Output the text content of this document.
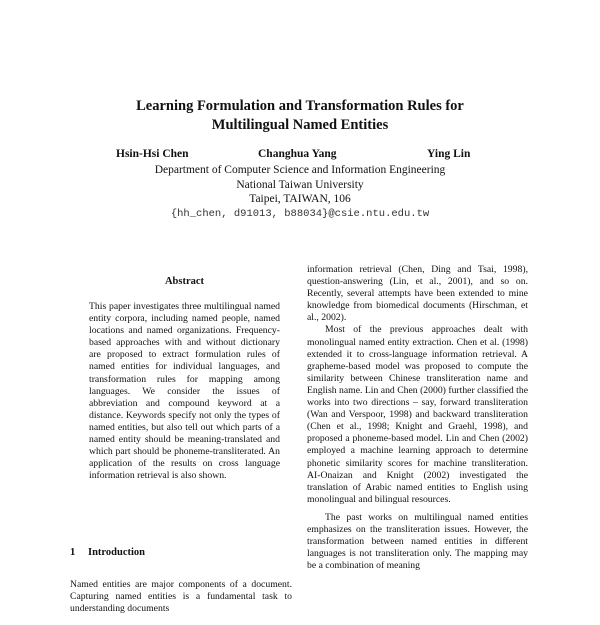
Learning Formulation and Transformation Rules for
Multilingual Named Entities
Hsin-Hsi Chen	Changhua Yang	Ying Lin
Department of Computer Science and Information Engineering
National Taiwan University
Taipei, TAIWAN, 106
{hh_chen, d91013, b88034}@csie.ntu.edu.tw
Abstract

This paper investigates three multilingual named entity corpora, including named people, named locations and named organizations. Frequency-based approaches with and without dictionary are proposed to extract formulation rules of named entities for individual languages, and transformation rules for mapping among languages. We consider the issues of abbreviation and compound keyword at a distance. Keywords specify not only the types of named entities, but also tell out which parts of a named entity should be meaning-translated and which part should be phoneme-transliterated. An application of the results on cross language information retrieval is also shown.

1 Introduction

Named entities are major components of a document. Capturing named entities is a fundamental task to understanding documents

information retrieval (Chen, Ding and Tsai, 1998), question-answering (Lin, et al., 2001), and so on. Recently, several attempts have been extended to mine knowledge from biomedical documents (Hirschman, et al., 2002).

Most of the previous approaches dealt with monolingual named entity extraction. Chen et al. (1998) extended it to cross-language information retrieval. A grapheme-based model was proposed to compute the similarity between Chinese transliteration name and English name. Lin and Chen (2000) further classified the works into two directions – say, forward transliteration (Wan and Verspoor, 1998) and backward transliteration (Chen et al., 1998; Knight and Graehl, 1998), and proposed a phoneme-based model. Lin and Chen (2002) employed a machine learning approach to determine phonetic similarity scores for machine transliteration. AI-Onaizan and Knight (2002) investigated the translation of Arabic named entities to English using monolingual and bilingual resources.

The past works on multilingual named entities emphasizes on the transliteration issues. However, the transformation between named entities in different languages is not transliteration only. The mapping may be a combination of meaning
